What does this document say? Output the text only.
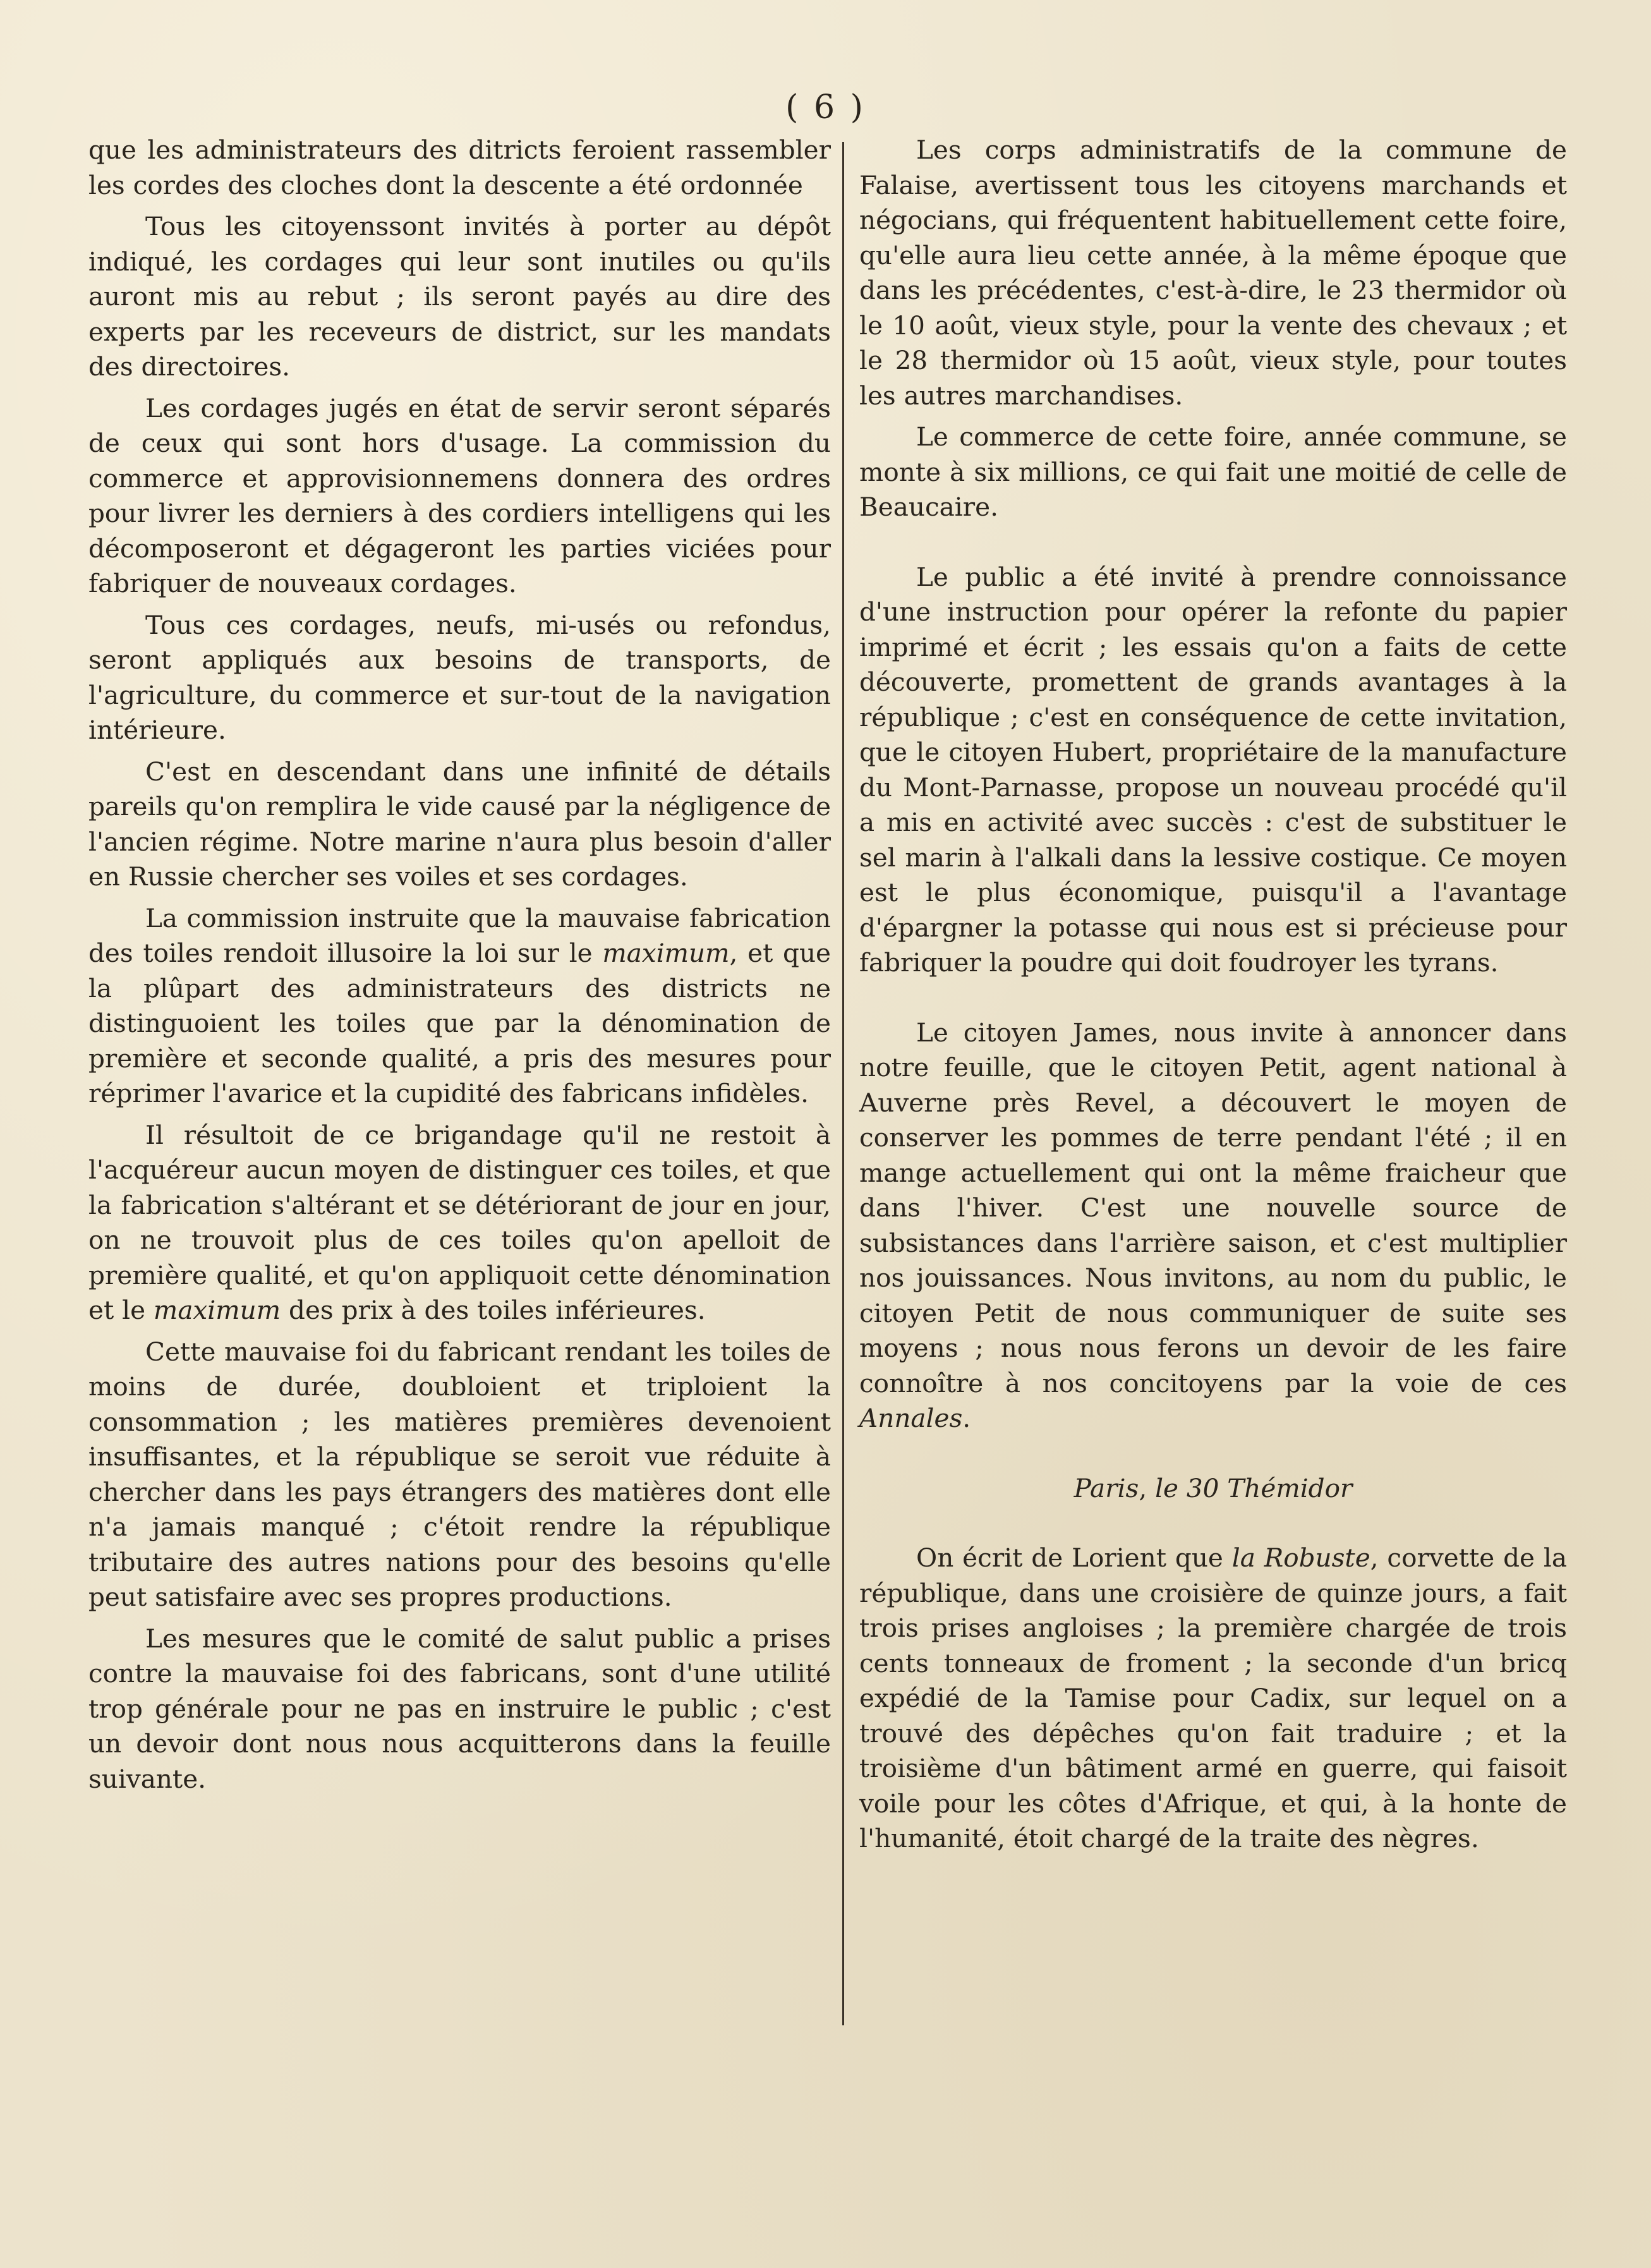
( 6 )

que les administrateurs des ditricts feroient rassembler les cordes des cloches dont la descente a été ordonnée

Tous les citoyenssont invités à porter au dépôt indiqué, les cordages qui leur sont inutiles ou qu'ils auront mis au rebut ; ils seront payés au dire des experts par les receveurs de district, sur les mandats des directoires.

Les cordages jugés en état de servir seront séparés de ceux qui sont hors d'usage. La commission du commerce et approvisionnemens donnera des ordres pour livrer les derniers à des cordiers intelligens qui les décomposeront et dégageront les parties viciées pour fabriquer de nouveaux cordages.

Tous ces cordages, neufs, mi-usés ou refondus, seront appliqués aux besoins de transports, de l'agriculture, du commerce et sur-tout de la navigation intérieure.

C'est en descendant dans une infinité de détails pareils qu'on remplira le vide causé par la négligence de l'ancien régime. Notre marine n'aura plus besoin d'aller en Russie chercher ses voiles et ses cordages.

La commission instruite que la mauvaise fabrication des toiles rendoit illusoire la loi sur le maximum, et que la plûpart des administrateurs des districts ne distinguoient les toiles que par la dénomination de première et seconde qualité, a pris des mesures pour réprimer l'avarice et la cupidité des fabricans infidèles.

Il résultoit de ce brigandage qu'il ne restoit à l'acquéreur aucun moyen de distinguer ces toiles, et que la fabrication s'altérant et se détériorant de jour en jour, on ne trouvoit plus de ces toiles qu'on apelloit de première qualité, et qu'on appliquoit cette dénomination et le maximum des prix à des toiles inférieures.

Cette mauvaise foi du fabricant rendant les toiles de moins de durée, doubloient et triploient la consommation ; les matières premières devenoient insuffisantes, et la république se seroit vue réduite à chercher dans les pays étrangers des matières dont elle n'a jamais manqué ; c'étoit rendre la république tributaire des autres nations pour des besoins qu'elle peut satisfaire avec ses propres productions.

Les mesures que le comité de salut public a prises contre la mauvaise foi des fabricans, sont d'une utilité trop générale pour ne pas en instruire le public ; c'est un devoir dont nous nous acquitterons dans la feuille suivante.

Les corps administratifs de la commune de Falaise, avertissent tous les citoyens marchands et négocians, qui fréquentent habituellement cette foire, qu'elle aura lieu cette année, à la même époque que dans les précédentes, c'est-à-dire, le 23 thermidor où le 10 août, vieux style, pour la vente des chevaux ; et le 28 thermidor où 15 août, vieux style, pour toutes les autres marchandises.

Le commerce de cette foire, année commune, se monte à six millions, ce qui fait une moitié de celle de Beaucaire.

Le public a été invité à prendre connoissance d'une instruction pour opérer la refonte du papier imprimé et écrit ; les essais qu'on a faits de cette découverte, promettent de grands avantages à la république ; c'est en conséquence de cette invitation, que le citoyen Hubert, propriétaire de la manufacture du Mont-Parnasse, propose un nouveau procédé qu'il a mis en activité avec succès : c'est de substituer le sel marin à l'alkali dans la lessive costique. Ce moyen est le plus économique, puisqu'il a l'avantage d'épargner la potasse qui nous est si précieuse pour fabriquer la poudre qui doit foudroyer les tyrans.

Le citoyen James, nous invite à annoncer dans notre feuille, que le citoyen Petit, agent national à Auverne près Revel, a découvert le moyen de conserver les pommes de terre pendant l'été ; il en mange actuellement qui ont la même fraicheur que dans l'hiver. C'est une nouvelle source de subsistances dans l'arrière saison, et c'est multiplier nos jouissances. Nous invitons, au nom du public, le citoyen Petit de nous communiquer de suite ses moyens ; nous nous ferons un devoir de les faire connoître à nos concitoyens par la voie de ces Annales.

Paris, le 30 Thémidor

On écrit de Lorient que la Robuste, corvette de la république, dans une croisière de quinze jours, a fait trois prises angloises ; la première chargée de trois cents tonneaux de froment ; la seconde d'un bricq expédié de la Tamise pour Cadix, sur lequel on a trouvé des dépêches qu'on fait traduire ; et la troisième d'un bâtiment armé en guerre, qui faisoit voile pour les côtes d'Afrique, et qui, à la honte de l'humanité, étoit chargé de la traite des nègres.
